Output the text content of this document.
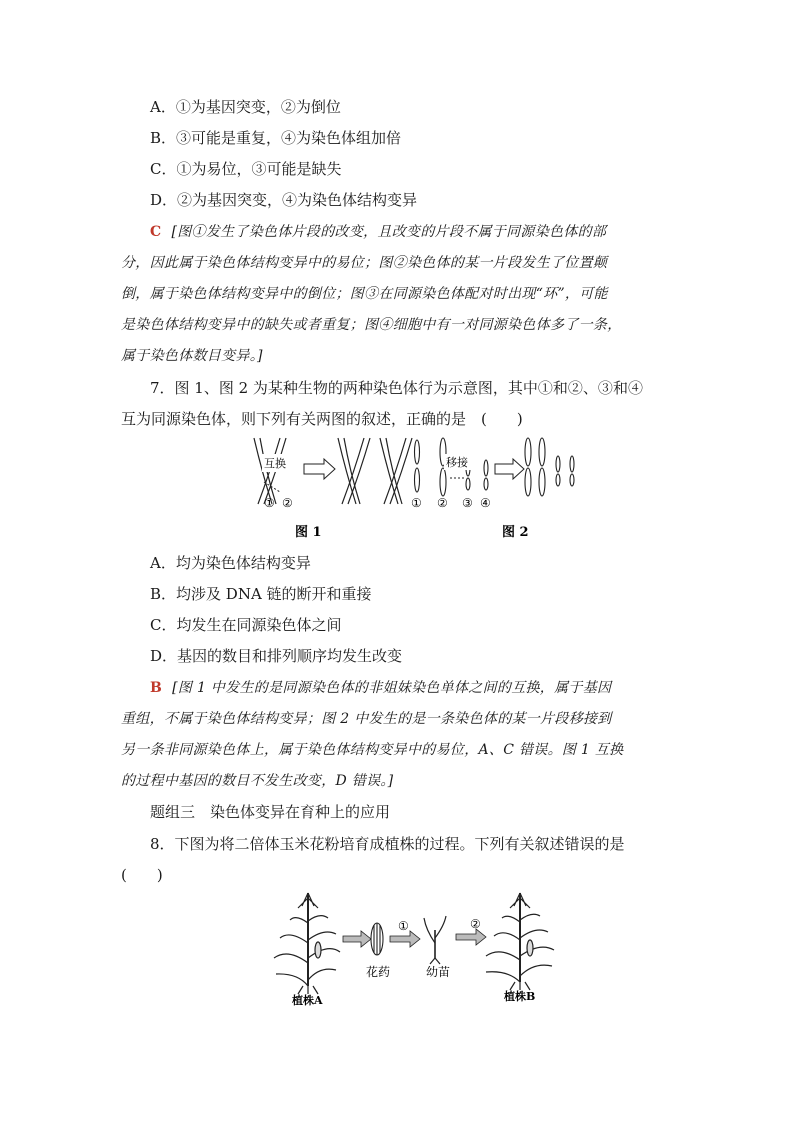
A．①为基因突变，②为倒位
B．③可能是重复，④为染色体组加倍
C．①为易位，③可能是缺失
D．②为基因突变，④为染色体结构变异
C [图①发生了染色体片段的改变，且改变的片段不属于同源染色体的部
分，因此属于染色体结构变异中的易位；图②染色体的某一片段发生了位置颠
倒，属于染色体结构变异中的倒位；图③在同源染色体配对时出现“环”，可能
是染色体结构变异中的缺失或者重复；图④细胞中有一对同源染色体多了一条，
属于染色体数目变异。]
7．图 1、图 2 为某种生物的两种染色体行为示意图，其中①和②、③和④
互为同源染色体，则下列有关两图的叙述，正确的是　(　　)
互换
① ②
图 1
移接
① ② ③ ④
图 2
A．均为染色体结构变异
B．均涉及 DNA 链的断开和重接
C．均发生在同源染色体之间
D．基因的数目和排列顺序均发生改变
B [图 1 中发生的是同源染色体的非姐妹染色单体之间的互换，属于基因
重组，不属于染色体结构变异；图 2 中发生的是一条染色体的某一片段移接到
另一条非同源染色体上，属于染色体结构变异中的易位，A、C 错误。图 1 互换
的过程中基因的数目不发生改变，D 错误。]
题组三　染色体变异在育种上的应用
8．下图为将二倍体玉米花粉培育成植株的过程。下列有关叙述错误的是
(　　)
植株A
花药
①
幼苗
②
植株B
